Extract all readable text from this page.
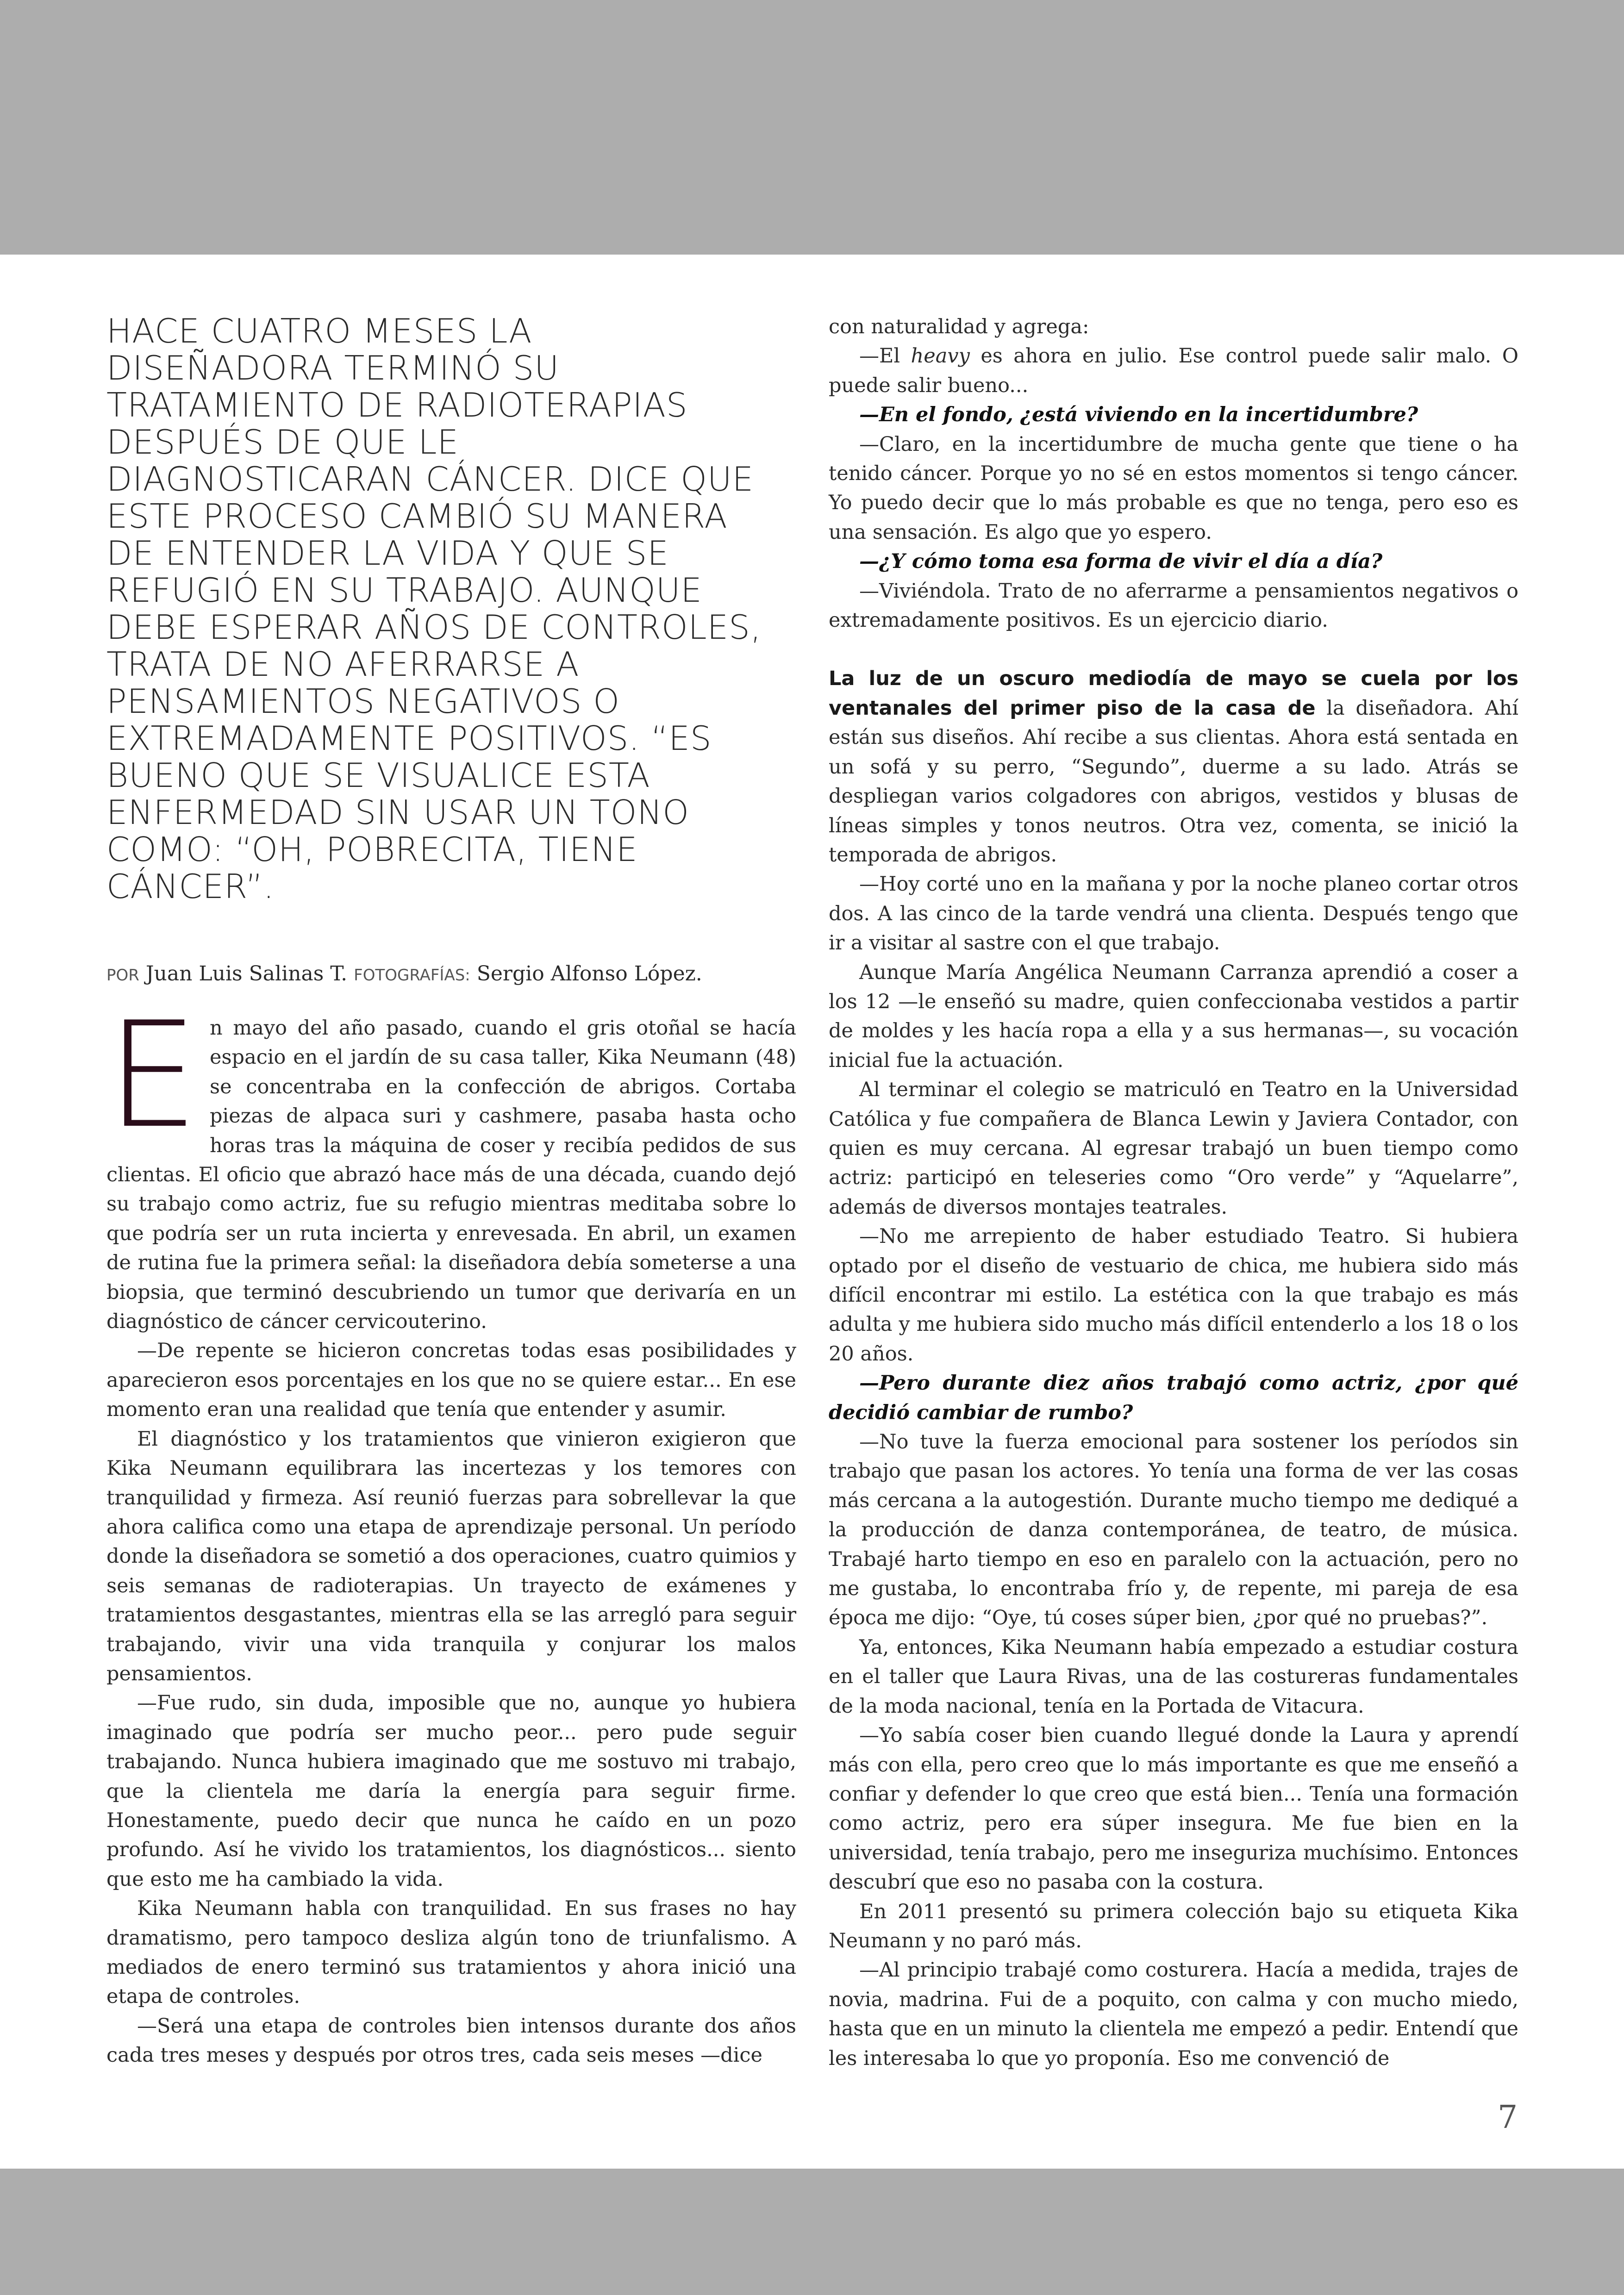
HACE CUATRO MESES LA DISEÑADORA TERMINÓ SU TRATAMIENTO DE RADIOTERAPIAS DESPUÉS DE QUE LE DIAGNOSTICARAN CÁNCER. DICE QUE ESTE PROCESO CAMBIÓ SU MANERA DE ENTENDER LA VIDA Y QUE SE REFUGIÓ EN SU TRABAJO. AUNQUE DEBE ESPERAR AÑOS DE CONTROLES, TRATA DE NO AFERRARSE A PENSAMIENTOS NEGATIVOS O EXTREMADAMENTE POSITIVOS. “ES BUENO QUE SE VISUALICE ESTA ENFERMEDAD SIN USAR UN TONO COMO: “OH, POBRECITA, TIENE CÁNCER”.

POR Juan Luis Salinas T. FOTOGRAFÍAS: Sergio Alfonso López.

En mayo del año pasado, cuando el gris otoñal se hacía espacio en el jardín de su casa taller, Kika Neumann (48) se concentraba en la confección de abrigos. Cortaba piezas de alpaca suri y cashmere, pasaba hasta ocho horas tras la máquina de coser y recibía pedidos de sus clientas. El oficio que abrazó hace más de una década, cuando dejó su trabajo como actriz, fue su refugio mientras meditaba sobre lo que podría ser un ruta incierta y enrevesada. En abril, un examen de rutina fue la primera señal: la diseñadora debía someterse a una biopsia, que terminó descubriendo un tumor que derivaría en un diagnóstico de cáncer cervicouterino.

—De repente se hicieron concretas todas esas posibilidades y aparecieron esos porcentajes en los que no se quiere estar... En ese momento eran una realidad que tenía que entender y asumir.

El diagnóstico y los tratamientos que vinieron exigieron que Kika Neumann equilibrara las incertezas y los temores con tranquilidad y firmeza. Así reunió fuerzas para sobrellevar la que ahora califica como una etapa de aprendizaje personal. Un período donde la diseñadora se sometió a dos operaciones, cuatro quimios y seis semanas de radioterapias. Un trayecto de exámenes y tratamientos desgastantes, mientras ella se las arregló para seguir trabajando, vivir una vida tranquila y conjurar los malos pensamientos.

—Fue rudo, sin duda, imposible que no, aunque yo hubiera imaginado que podría ser mucho peor... pero pude seguir trabajando. Nunca hubiera imaginado que me sostuvo mi trabajo, que la clientela me daría la energía para seguir firme. Honestamente, puedo decir que nunca he caído en un pozo profundo. Así he vivido los tratamientos, los diagnósticos... siento que esto me ha cambiado la vida.

Kika Neumann habla con tranquilidad. En sus frases no hay dramatismo, pero tampoco desliza algún tono de triunfalismo. A mediados de enero terminó sus tratamientos y ahora inició una etapa de controles.

—Será una etapa de controles bien intensos durante dos años cada tres meses y después por otros tres, cada seis meses —dice

con naturalidad y agrega:

—El heavy es ahora en julio. Ese control puede salir malo. O puede salir bueno...

—En el fondo, ¿está viviendo en la incertidumbre?

—Claro, en la incertidumbre de mucha gente que tiene o ha tenido cáncer. Porque yo no sé en estos momentos si tengo cáncer. Yo puedo decir que lo más probable es que no tenga, pero eso es una sensación. Es algo que yo espero.

—¿Y cómo toma esa forma de vivir el día a día?

—Viviéndola. Trato de no aferrarme a pensamientos negativos o extremadamente positivos. Es un ejercicio diario.

La luz de un oscuro mediodía de mayo se cuela por los ventanales del primer piso de la casa de la diseñadora. Ahí están sus diseños. Ahí recibe a sus clientas. Ahora está sentada en un sofá y su perro, “Segundo”, duerme a su lado. Atrás se despliegan varios colgadores con abrigos, vestidos y blusas de líneas simples y tonos neutros. Otra vez, comenta, se inició la temporada de abrigos.

—Hoy corté uno en la mañana y por la noche planeo cortar otros dos. A las cinco de la tarde vendrá una clienta. Después tengo que ir a visitar al sastre con el que trabajo.

Aunque María Angélica Neumann Carranza aprendió a coser a los 12 —le enseñó su madre, quien confeccionaba vestidos a partir de moldes y les hacía ropa a ella y a sus hermanas—, su vocación inicial fue la actuación.

Al terminar el colegio se matriculó en Teatro en la Universidad Católica y fue compañera de Blanca Lewin y Javiera Contador, con quien es muy cercana. Al egresar trabajó un buen tiempo como actriz: participó en teleseries como “Oro verde” y “Aquelarre”, además de diversos montajes teatrales.

—No me arrepiento de haber estudiado Teatro. Si hubiera optado por el diseño de vestuario de chica, me hubiera sido más difícil encontrar mi estilo. La estética con la que trabajo es más adulta y me hubiera sido mucho más difícil entenderlo a los 18 o los 20 años.

—Pero durante diez años trabajó como actriz, ¿por qué decidió cambiar de rumbo?

—No tuve la fuerza emocional para sostener los períodos sin trabajo que pasan los actores. Yo tenía una forma de ver las cosas más cercana a la autogestión. Durante mucho tiempo me dediqué a la producción de danza contemporánea, de teatro, de música. Trabajé harto tiempo en eso en paralelo con la actuación, pero no me gustaba, lo encontraba frío y, de repente, mi pareja de esa época me dijo: “Oye, tú coses súper bien, ¿por qué no pruebas?”.

Ya, entonces, Kika Neumann había empezado a estudiar costura en el taller que Laura Rivas, una de las costureras fundamentales de la moda nacional, tenía en la Portada de Vitacura.

—Yo sabía coser bien cuando llegué donde la Laura y aprendí más con ella, pero creo que lo más importante es que me enseñó a confiar y defender lo que creo que está bien... Tenía una formación como actriz, pero era súper insegura. Me fue bien en la universidad, tenía trabajo, pero me inseguriza muchísimo. Entonces descubrí que eso no pasaba con la costura.

En 2011 presentó su primera colección bajo su etiqueta Kika Neumann y no paró más.

—Al principio trabajé como costurera. Hacía a medida, trajes de novia, madrina. Fui de a poquito, con calma y con mucho miedo, hasta que en un minuto la clientela me empezó a pedir. Entendí que les interesaba lo que yo proponía. Eso me convenció de

7
